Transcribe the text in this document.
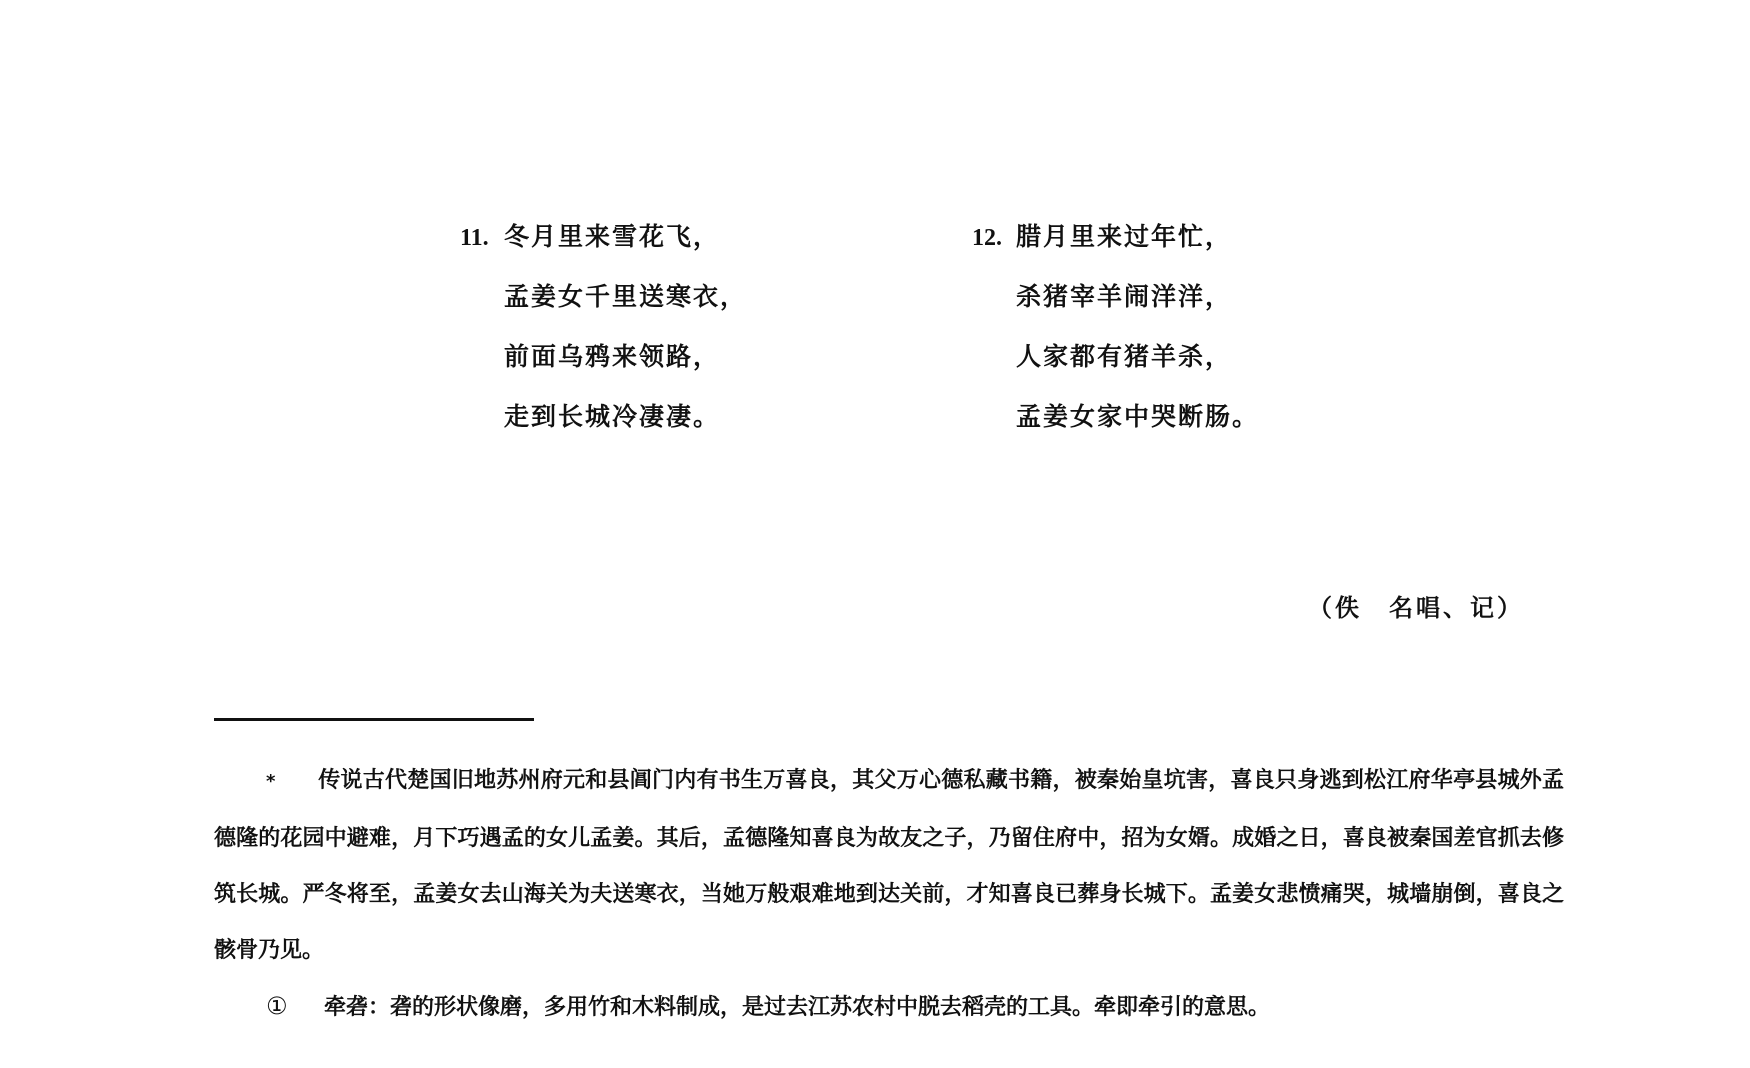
11. 冬月里来雪花飞，
孟姜女千里送寒衣，
前面乌鸦来领路，
走到长城冷凄凄。
12. 腊月里来过年忙，
杀猪宰羊闹洋洋，
人家都有猪羊杀，
孟姜女家中哭断肠。
（佚　名唱、记）
* 传说古代楚国旧地苏州府元和县阊门内有书生万喜良，其父万心德私藏书籍，被秦始皇坑害，喜良只身逃到松江府华亭县城外孟德隆的花园中避难，月下巧遇孟的女儿孟姜。其后，孟德隆知喜良为故友之子，乃留住府中，招为女婿。成婚之日，喜良被秦国差官抓去修筑长城。严冬将至，孟姜女去山海关为夫送寒衣，当她万般艰难地到达关前，才知喜良已葬身长城下。孟姜女悲愤痛哭，城墙崩倒，喜良之骸骨乃见。
① 牵砻：砻的形状像磨，多用竹和木料制成，是过去江苏农村中脱去稻壳的工具。牵即牵引的意思。
